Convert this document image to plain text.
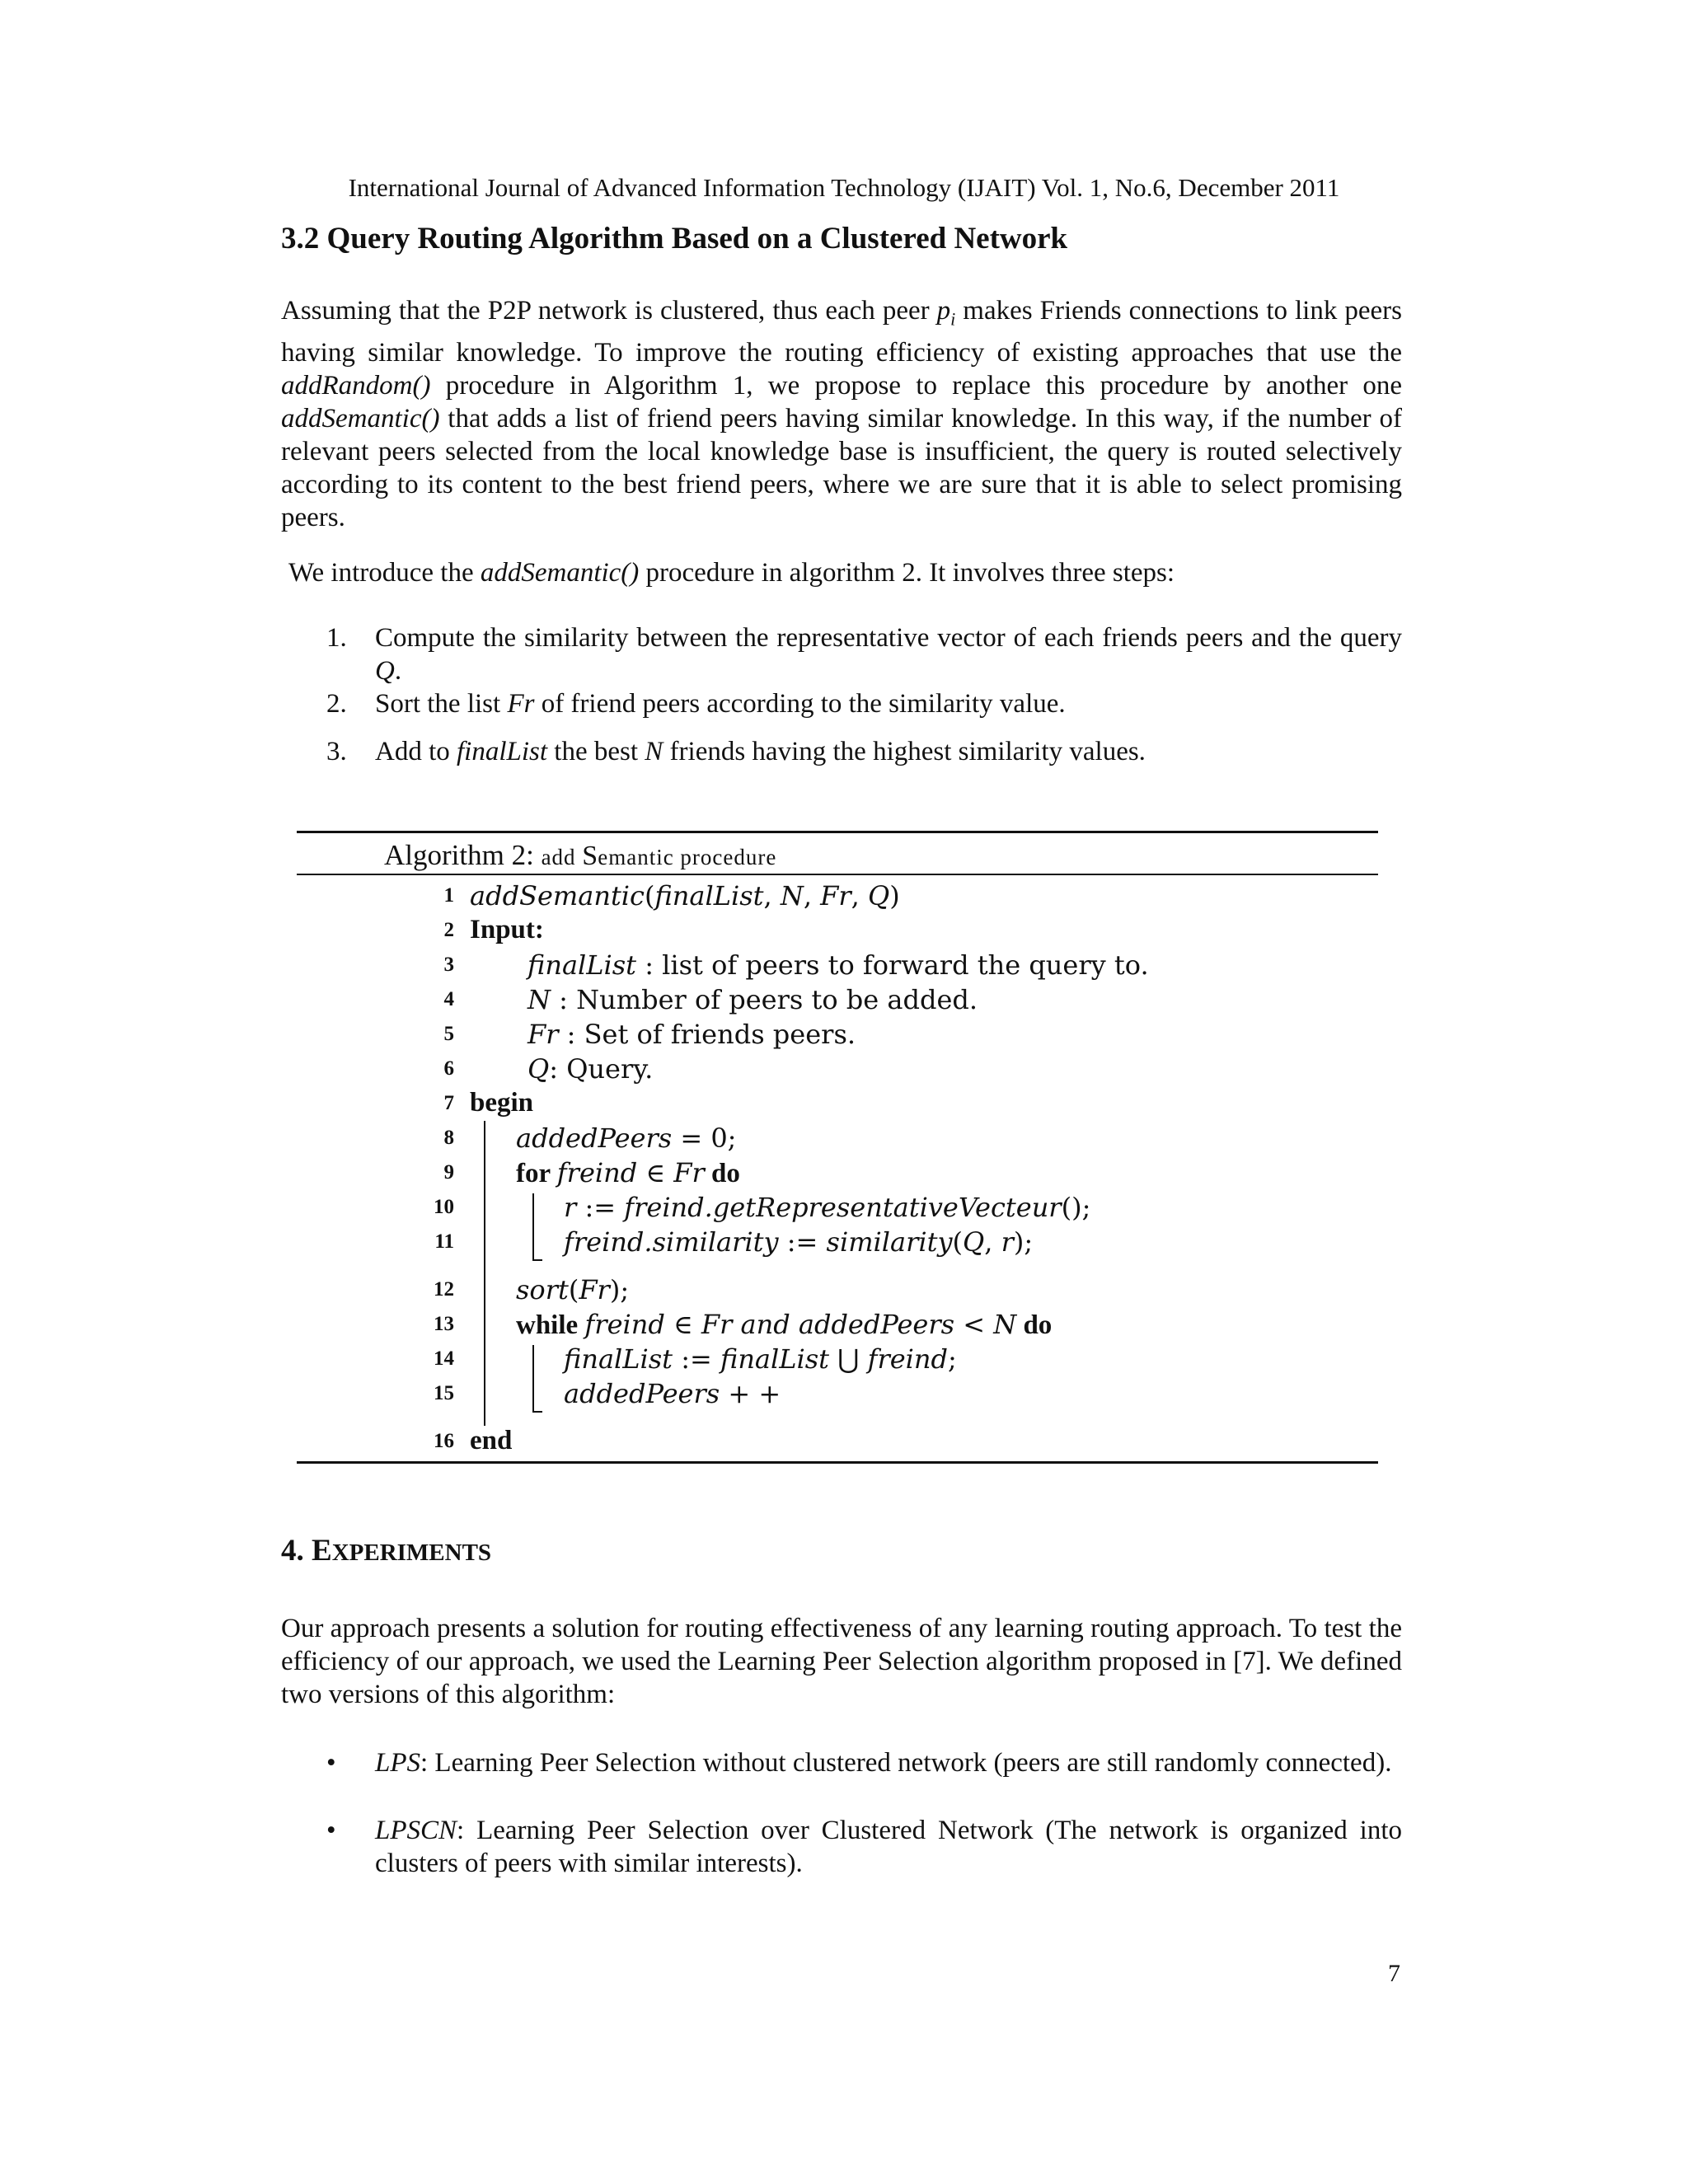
International Journal of Advanced Information Technology (IJAIT) Vol. 1, No.6, December 2011
3.2 Query Routing Algorithm Based on a Clustered Network
Assuming that the P2P network is clustered, thus each peer $p_i$ makes Friends connections to link peers having similar knowledge. To improve the routing efficiency of existing approaches that use the addRandom() procedure in Algorithm 1, we propose to replace this procedure by another one addSemantic() that adds a list of friend peers having similar knowledge. In this way, if the number of relevant peers selected from the local knowledge base is insufficient, the query is routed selectively according to its content to the best friend peers, where we are sure that it is able to select promising peers.
We introduce the addSemantic() procedure in algorithm 2. It involves three steps:
1. Compute the similarity between the representative vector of each friends peers and the query Q.
2. Sort the list Fr of friend peers according to the similarity value.
3. Add to finalList the best N friends having the highest similarity values.
Algorithm 2: add Semantic procedure
1 addSemantic(finalList, N, Fr, Q)
2 Input:
3	finalList : list of peers to forward the query to.
4	N : Number of peers to be added.
5	Fr : Set of friends peers.
6	Q: Query.
7 begin
8 addedPeers = 0;
9 for freind ∈ Fr do
10	r := freind.getRepresentativeVecteur();
11	freind.similarity := similarity(Q, r);
12 sort(Fr);
13 while freind ∈ Fr and addedPeers < N do
14	finalList := finalList ⋃ freind;
15	addedPeers + +
16 end
4. EXPERIMENTS
Our approach presents a solution for routing effectiveness of any learning routing approach. To test the efficiency of our approach, we used the Learning Peer Selection algorithm proposed in [7]. We defined two versions of this algorithm:
• LPS: Learning Peer Selection without clustered network (peers are still randomly connected).
• LPSCN: Learning Peer Selection over Clustered Network (The network is organized into clusters of peers with similar interests).
7
